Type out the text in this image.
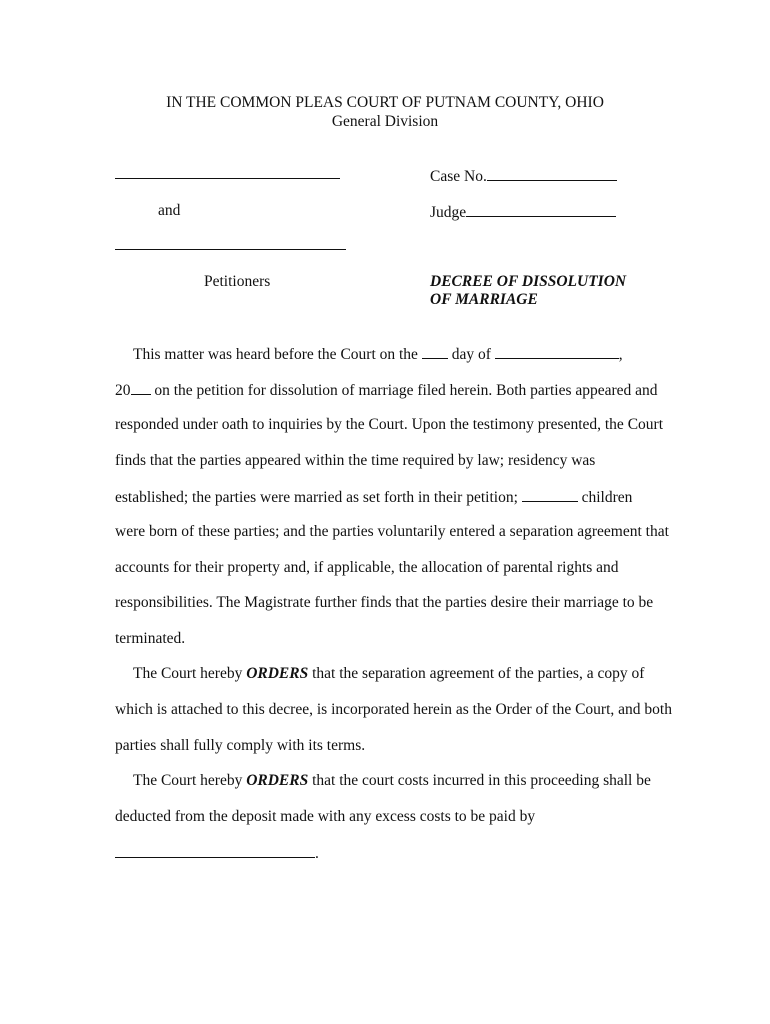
IN THE COMMON PLEAS COURT OF PUTNAM COUNTY, OHIO
General Division
and
Petitioners
Case No.
Judge
DECREE OF DISSOLUTION
OF MARRIAGE
This matter was heard before the Court on the day of	,
20 on the petition for dissolution of marriage filed herein. Both parties appeared and
responded under oath to inquiries by the Court. Upon the testimony presented, the Court
finds that the parties appeared within the time required by law; residency was
established; the parties were married as set forth in their petition;	children
were born of these parties; and the parties voluntarily entered a separation agreement that
accounts for their property and, if applicable, the allocation of parental rights and
responsibilities. The Magistrate further finds that the parties desire their marriage to be
terminated.
The Court hereby ORDERS that the separation agreement of the parties, a copy of
which is attached to this decree, is incorporated herein as the Order of the Court, and both
parties shall fully comply with its terms.
The Court hereby ORDERS that the court costs incurred in this proceeding shall be
deducted from the deposit made with any excess costs to be paid by
.
